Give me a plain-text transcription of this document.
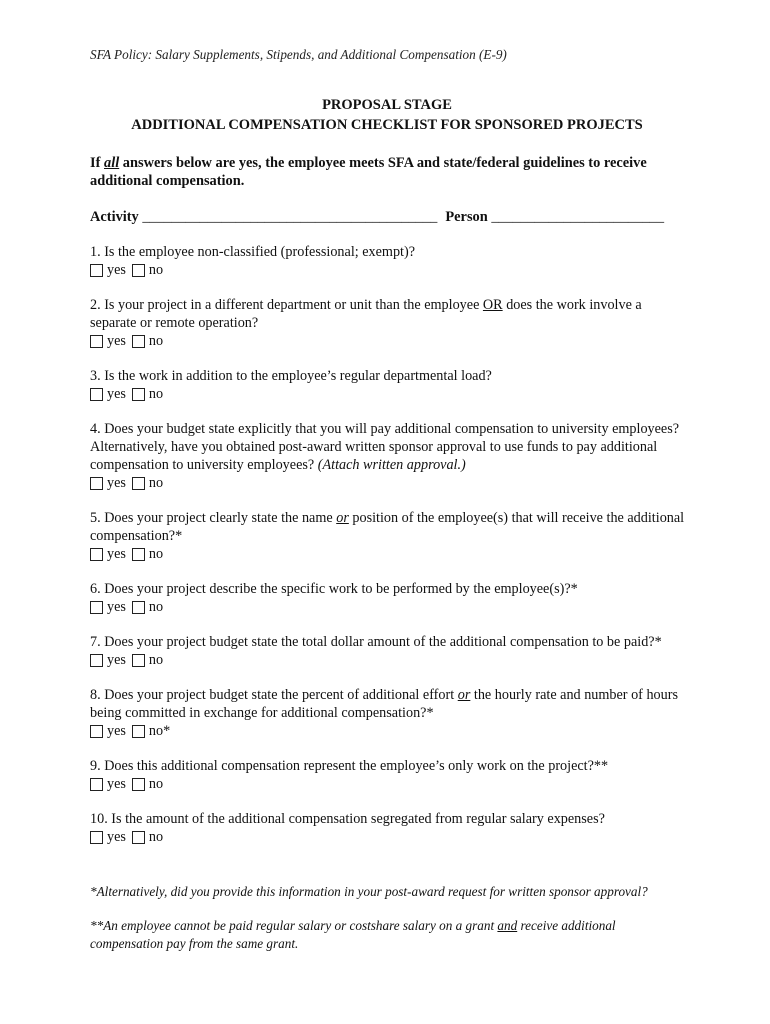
SFA Policy: Salary Supplements, Stipends, and Additional Compensation (E-9)
PROPOSAL STAGE
ADDITIONAL COMPENSATION CHECKLIST FOR SPONSORED PROJECTS
If all answers below are yes, the employee meets SFA and state/federal guidelines to receive additional compensation.
Activity _________________________________________ Person ________________________
1. Is the employee non-classified (professional; exempt)?
yes no
2. Is your project in a different department or unit than the employee OR does the work involve a separate or remote operation?
yes no
3. Is the work in addition to the employee’s regular departmental load?
yes no
4. Does your budget state explicitly that you will pay additional compensation to university employees? Alternatively, have you obtained post-award written sponsor approval to use funds to pay additional compensation to university employees? (Attach written approval.)
yes no
5. Does your project clearly state the name or position of the employee(s) that will receive the additional compensation?*
yes no
6. Does your project describe the specific work to be performed by the employee(s)?*
yes no
7. Does your project budget state the total dollar amount of the additional compensation to be paid?*
yes no
8. Does your project budget state the percent of additional effort or the hourly rate and number of hours being committed in exchange for additional compensation?*
yes no*
9. Does this additional compensation represent the employee’s only work on the project?**
yes no
10. Is the amount of the additional compensation segregated from regular salary expenses?
yes no
*Alternatively, did you provide this information in your post-award request for written sponsor approval?
**An employee cannot be paid regular salary or costshare salary on a grant and receive additional compensation pay from the same grant.
